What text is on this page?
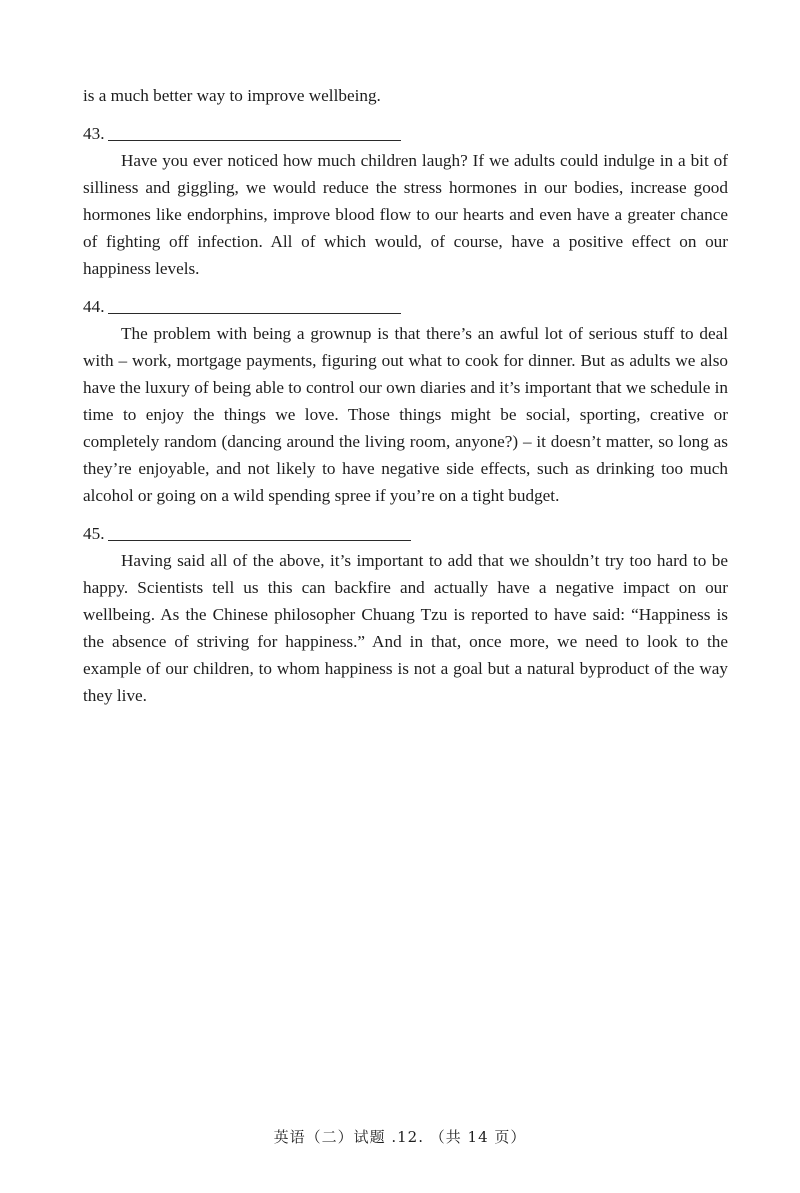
is a much better way to improve wellbeing.

43.

Have you ever noticed how much children laugh? If we adults could indulge in a bit of silliness and giggling, we would reduce the stress hormones in our bodies, increase good hormones like endorphins, improve blood flow to our hearts and even have a greater chance of fighting off infection. All of which would, of course, have a positive effect on our happiness levels.

44.

The problem with being a grownup is that there’s an awful lot of serious stuff to deal with – work, mortgage payments, figuring out what to cook for dinner. But as adults we also have the luxury of being able to control our own diaries and it’s important that we schedule in time to enjoy the things we love. Those things might be social, sporting, creative or completely random (dancing around the living room, anyone?) – it doesn’t matter, so long as they’re enjoyable, and not likely to have negative side effects, such as drinking too much alcohol or going on a wild spending spree if you’re on a tight budget.

45.

Having said all of the above, it’s important to add that we shouldn’t try too hard to be happy. Scientists tell us this can backfire and actually have a negative impact on our wellbeing. As the Chinese philosopher Chuang Tzu is reported to have said: “Happiness is the absence of striving for happiness.” And in that, once more, we need to look to the example of our children, to whom happiness is not a goal but a natural byproduct of the way they live.

英语（二）试题 .12. （共 14 页）
